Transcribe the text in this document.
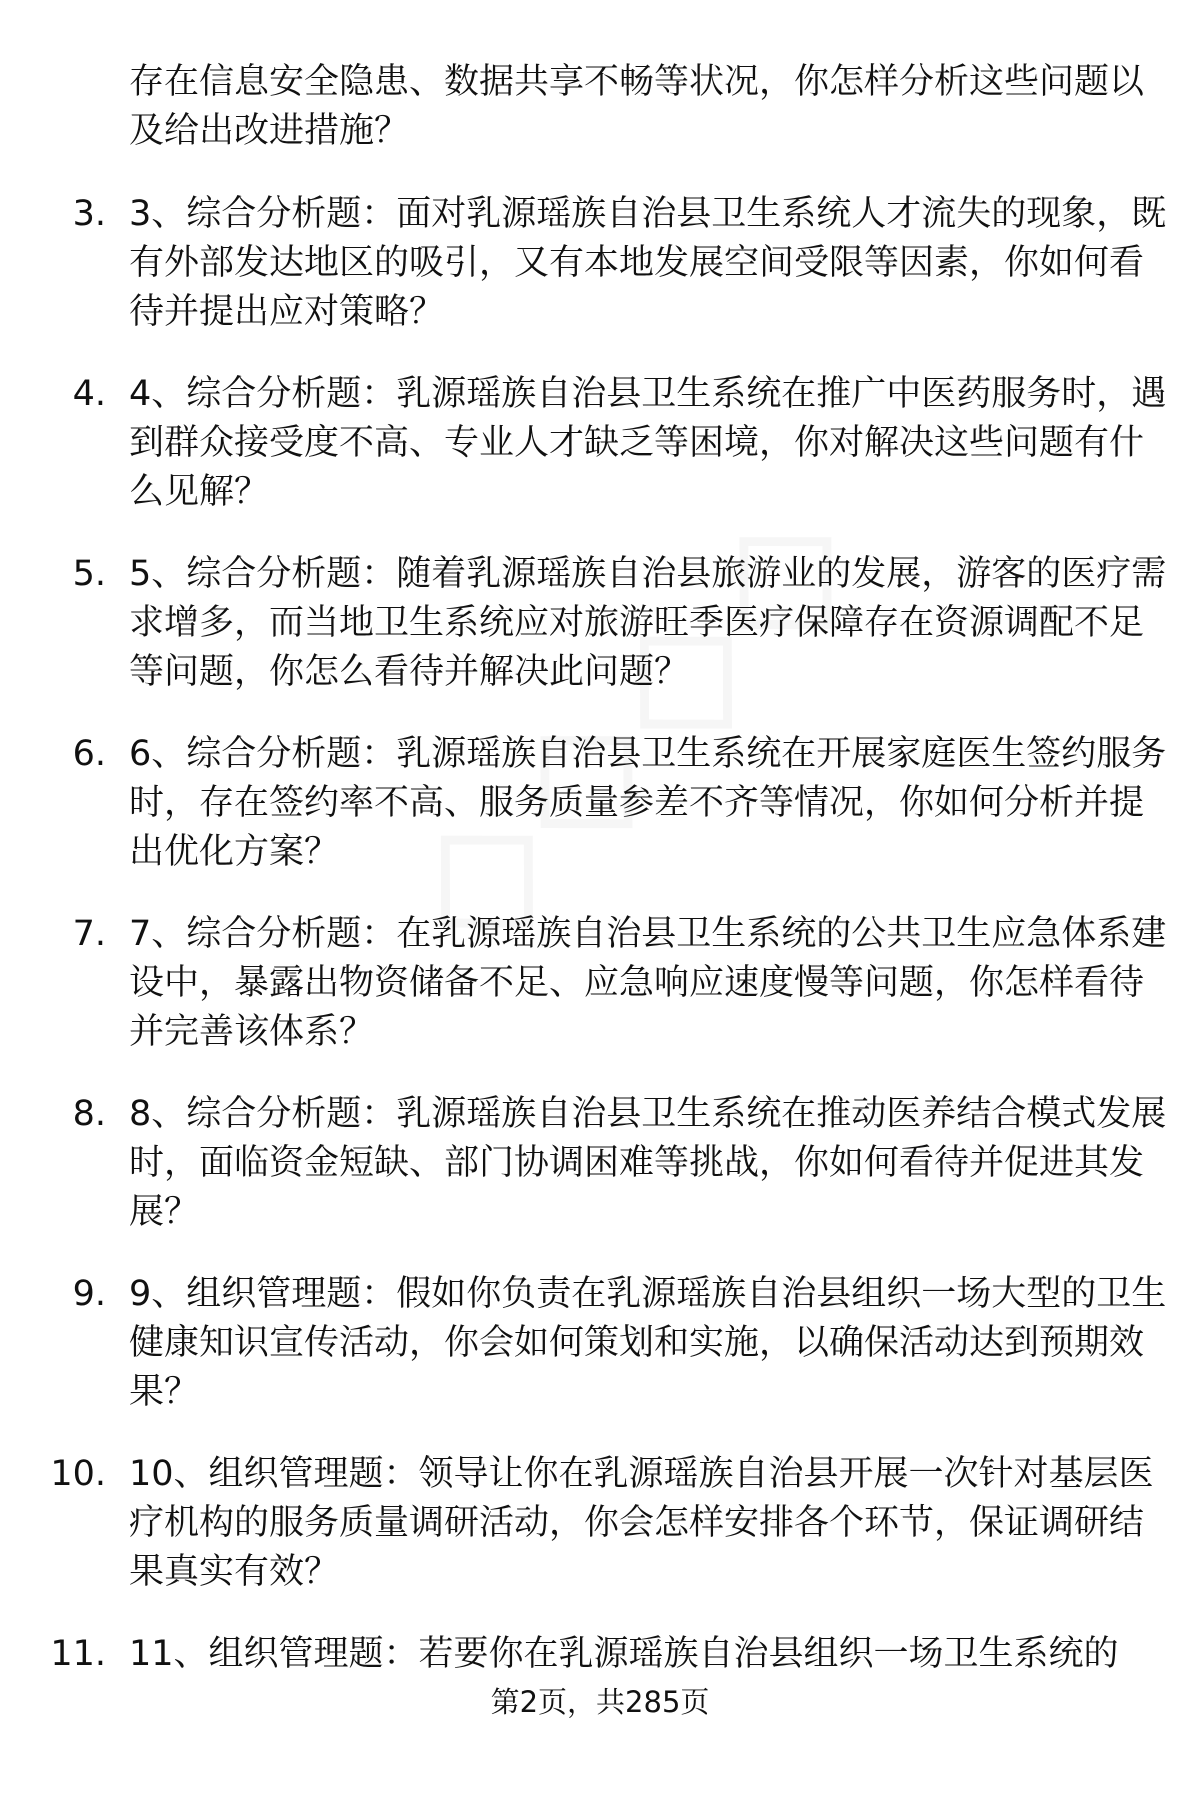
存在信息安全隐患、数据共享不畅等状况，你怎样分析这些问题以及给出改进措施？
3. 3、综合分析题：面对乳源瑶族自治县卫生系统人才流失的现象，既有外部发达地区的吸引，又有本地发展空间受限等因素，你如何看待并提出应对策略？
4. 4、综合分析题：乳源瑶族自治县卫生系统在推广中医药服务时，遇到群众接受度不高、专业人才缺乏等困境，你对解决这些问题有什么见解？
5. 5、综合分析题：随着乳源瑶族自治县旅游业的发展，游客的医疗需求增多，而当地卫生系统应对旅游旺季医疗保障存在资源调配不足等问题，你怎么看待并解决此问题？
6. 6、综合分析题：乳源瑶族自治县卫生系统在开展家庭医生签约服务时，存在签约率不高、服务质量参差不齐等情况，你如何分析并提出优化方案？
7. 7、综合分析题：在乳源瑶族自治县卫生系统的公共卫生应急体系建设中，暴露出物资储备不足、应急响应速度慢等问题，你怎样看待并完善该体系？
8. 8、综合分析题：乳源瑶族自治县卫生系统在推动医养结合模式发展时，面临资金短缺、部门协调困难等挑战，你如何看待并促进其发展？
9. 9、组织管理题：假如你负责在乳源瑶族自治县组织一场大型的卫生健康知识宣传活动，你会如何策划和实施，以确保活动达到预期效果？
10. 10、组织管理题：领导让你在乳源瑶族自治县开展一次针对基层医疗机构的服务质量调研活动，你会怎样安排各个环节，保证调研结果真实有效？
11. 11、组织管理题：若要你在乳源瑶族自治县组织一场卫生系统的
第2页，共285页
